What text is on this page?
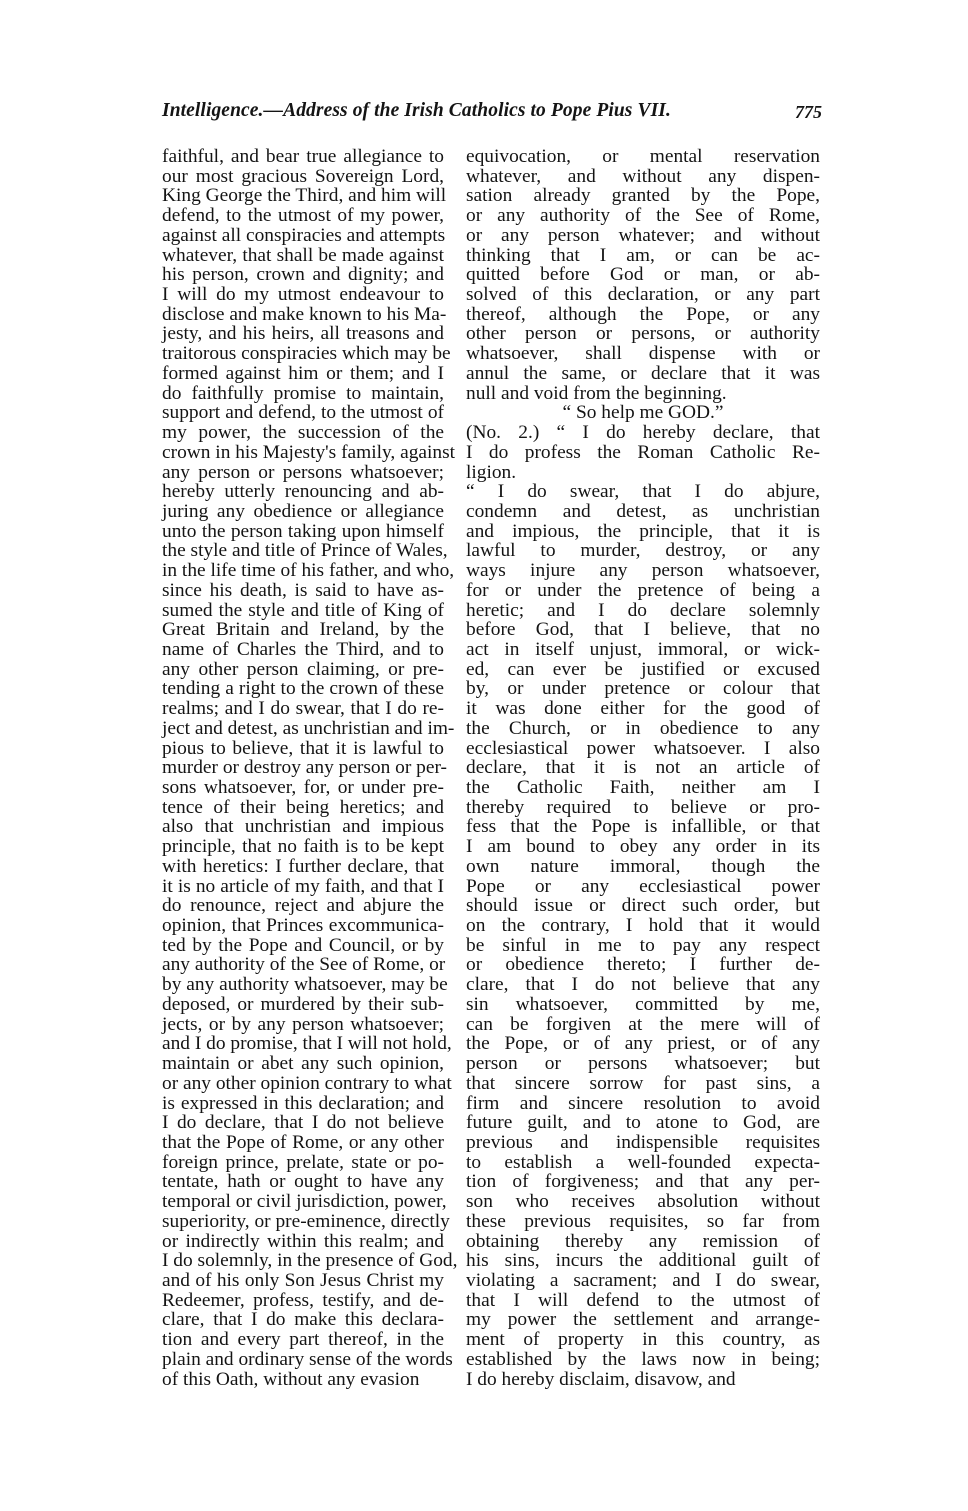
Intelligence.—Address of the Irish Catholics to Pope Pius VII.	775
faithful, and bear true allegiance to
our most gracious Sovereign Lord,
King George the Third, and him will
defend, to the utmost of my power,
against all conspiracies and attempts
whatever, that shall be made against
his person, crown and dignity; and
I will do my utmost endeavour to
disclose and make known to his Ma-
jesty, and his heirs, all treasons and
traitorous conspiracies which may be
formed against him or them; and I
do faithfully promise to maintain,
support and defend, to the utmost of
my power, the succession of the
crown in his Majesty's family, against
any person or persons whatsoever;
hereby utterly renouncing and ab-
juring any obedience or allegiance
unto the person taking upon himself
the style and title of Prince of Wales,
in the life time of his father, and who,
since his death, is said to have as-
sumed the style and title of King of
Great Britain and Ireland, by the
name of Charles the Third, and to
any other person claiming, or pre-
tending a right to the crown of these
realms; and I do swear, that I do re-
ject and detest, as unchristian and im-
pious to believe, that it is lawful to
murder or destroy any person or per-
sons whatsoever, for, or under pre-
tence of their being heretics; and
also that unchristian and impious
principle, that no faith is to be kept
with heretics: I further declare, that
it is no article of my faith, and that I
do renounce, reject and abjure the
opinion, that Princes excommunica-
ted by the Pope and Council, or by
any authority of the See of Rome, or
by any authority whatsoever, may be
deposed, or murdered by their sub-
jects, or by any person whatsoever;
and I do promise, that I will not hold,
maintain or abet any such opinion,
or any other opinion contrary to what
is expressed in this declaration; and
I do declare, that I do not believe
that the Pope of Rome, or any other
foreign prince, prelate, state or po-
tentate, hath or ought to have any
temporal or civil jurisdiction, power,
superiority, or pre-eminence, directly
or indirectly within this realm; and
I do solemnly, in the presence of God,
and of his only Son Jesus Christ my
Redeemer, profess, testify, and de-
clare, that I do make this declara-
tion and every part thereof, in the
plain and ordinary sense of the words
of this Oath, without any evasion
equivocation, or mental reservation
whatever, and without any dispen-
sation already granted by the Pope,
or any authority of the See of Rome,
or any person whatever; and without
thinking that I am, or can be ac-
quitted before God or man, or ab-
solved of this declaration, or any part
thereof, although the Pope, or any
other person or persons, or authority
whatsoever, shall dispense with or
annul the same, or declare that it was
null and void from the beginning.
“ So help me GOD.”
(No. 2.) “ I do hereby declare, that
I do profess the Roman Catholic Re-
ligion.
“ I do swear, that I do abjure,
condemn and detest, as unchristian
and impious, the principle, that it is
lawful to murder, destroy, or any
ways injure any person whatsoever,
for or under the pretence of being a
heretic; and I do declare solemnly
before God, that I believe, that no
act in itself unjust, immoral, or wick-
ed, can ever be justified or excused
by, or under pretence or colour that
it was done either for the good of
the Church, or in obedience to any
ecclesiastical power whatsoever. I also
declare, that it is not an article of
the Catholic Faith, neither am I
thereby required to believe or pro-
fess that the Pope is infallible, or that
I am bound to obey any order in its
own nature immoral, though the
Pope or any ecclesiastical power
should issue or direct such order, but
on the contrary, I hold that it would
be sinful in me to pay any respect
or obedience thereto; I further de-
clare, that I do not believe that any
sin whatsoever, committed by me,
can be forgiven at the mere will of
the Pope, or of any priest, or of any
person or persons whatsoever; but
that sincere sorrow for past sins, a
firm and sincere resolution to avoid
future guilt, and to atone to God, are
previous and indispensible requisites
to establish a well-founded expecta-
tion of forgiveness; and that any per-
son who receives absolution without
these previous requisites, so far from
obtaining thereby any remission of
his sins, incurs the additional guilt of
violating a sacrament; and I do swear,
that I will defend to the utmost of
my power the settlement and arrange-
ment of property in this country, as
established by the laws now in being;
I do hereby disclaim, disavow, and
